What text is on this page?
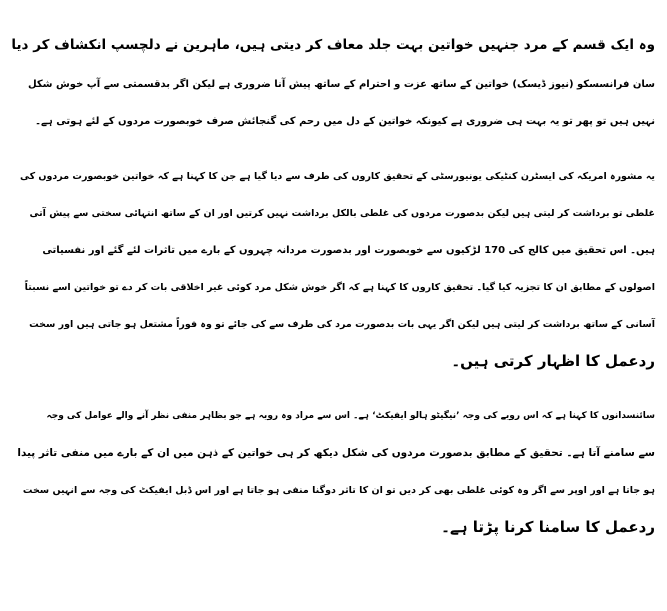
وہ ایک قسم کے مرد جنہیں خواتین بہت جلد معاف کر دیتی ہیں، ماہرین نے دلچسپ انکشاف کر دیا
سان فرانسسکو (نیوز ڈیسک) خواتین کے ساتھ عزت و احترام کے ساتھ پیش آنا ضروری ہے لیکن اگر بدقسمتی سے آپ خوش شکل
نہیں ہیں تو پھر تو یہ بہت ہی ضروری ہے کیونکہ خواتین کے دل میں رحم کی گنجائش صرف خوبصورت مردوں کے لئے ہوتی ہے۔
یہ مشورہ امریکہ کی ایسٹرن کنٹیکی یونیورسٹی کے تحقیق کاروں کی طرف سے دیا گیا ہے جن کا کہنا ہے کہ خواتین خوبصورت مردوں کی
غلطی تو برداشت کر لیتی ہیں لیکن بدصورت مردوں کی غلطی بالکل برداشت نہیں کرتیں اور ان کے ساتھ انتہائی سختی سے پیش آتی
ہیں۔ اس تحقیق میں کالج کی 170 لڑکیوں سے خوبصورت اور بدصورت مردانہ چہروں کے بارے میں تاثرات لئے گئے اور نفسیاتی
اصولوں کے مطابق ان کا تجزیہ کیا گیا۔ تحقیق کاروں کا کہنا ہے کہ اگر خوش شکل مرد کوئی غیر اخلاقی بات کر دے تو خواتین اسے نسبتاً
آسانی کے ساتھ برداشت کر لیتی ہیں لیکن اگر یہی بات بدصورت مرد کی طرف سے کی جائے تو وہ فوراً مشتعل ہو جاتی ہیں اور سخت
ردعمل کا اظہار کرتی ہیں۔
سائنسدانوں کا کہنا ہے کہ اس رویے کی وجہ ’نیگیٹو ہالو ایفیکٹ‘ ہے۔ اس سے مراد وہ رویہ ہے جو بظاہر منفی نظر آنے والے عوامل کی وجہ
سے سامنے آتا ہے۔ تحقیق کے مطابق بدصورت مردوں کی شکل دیکھ کر ہی خواتین کے ذہن میں ان کے بارے میں منفی تاثر پیدا
ہو جاتا ہے اور اوپر سے اگر وہ کوئی غلطی بھی کر دیں تو ان کا تاثر دوگنا منفی ہو جاتا ہے اور اس ڈبل ایفیکٹ کی وجہ سے انہیں سخت
ردعمل کا سامنا کرنا پڑتا ہے۔
